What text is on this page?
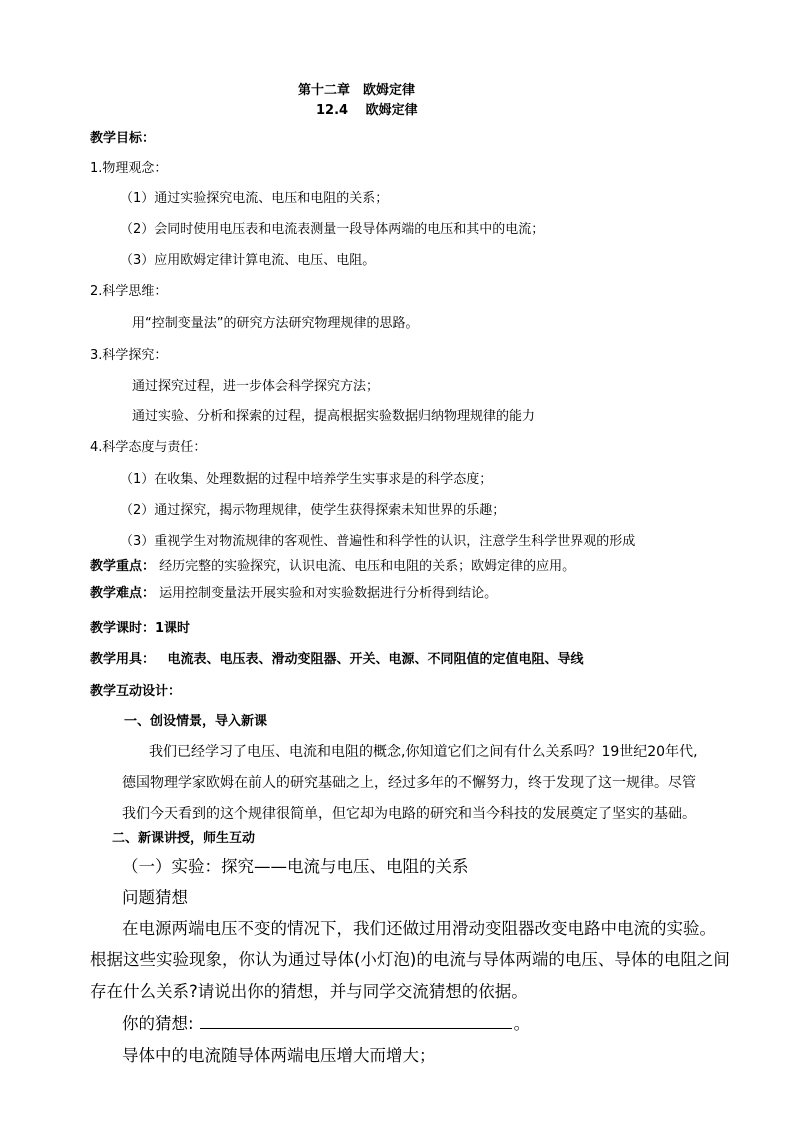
第十二章　欧姆定律
12.4　 欧姆定律
教学目标：
1.物理观念：
（1）通过实验探究电流、电压和电阻的关系；
（2）会同时使用电压表和电流表测量一段导体两端的电压和其中的电流；
（3）应用欧姆定律计算电流、电压、电阻。
2.科学思维：
用“控制变量法”的研究方法研究物理规律的思路。
3.科学探究：
通过探究过程，进一步体会科学探究方法；
通过实验、分析和探索的过程，提高根据实验数据归纳物理规律的能力
4.科学态度与责任：
（1）在收集、处理数据的过程中培养学生实事求是的科学态度；
（2）通过探究，揭示物理规律，使学生获得探索未知世界的乐趣；
（3）重视学生对物流规律的客观性、普遍性和科学性的认识，注意学生科学世界观的形成
教学重点： 经历完整的实验探究，认识电流、电压和电阻的关系；欧姆定律的应用。
教学难点： 运用控制变量法开展实验和对实验数据进行分析得到结论。
教学课时：1课时
教学用具： 电流表、电压表、滑动变阻器、开关、电源、不同阻值的定值电阻、导线
教学互动设计：
一、创设情景，导入新课
我们已经学习了电压、电流和电阻的概念,你知道它们之间有什么关系吗？19世纪20年代,
德国物理学家欧姆在前人的研究基础之上，经过多年的不懈努力，终于发现了这一规律。尽管
我们今天看到的这个规律很简单，但它却为电路的研究和当今科技的发展奠定了坚实的基础。
二、新课讲授，师生互动
（一）实验：探究——电流与电压、电阻的关系
问题猜想
在电源两端电压不变的情况下，我们还做过用滑动变阻器改变电路中电流的实验。
根据这些实验现象，你认为通过导体(小灯泡)的电流与导体两端的电压、导体的电阻之间
存在什么关系?请说出你的猜想，并与同学交流猜想的依据。
你的猜想:	。
导体中的电流随导体两端电压增大而增大；
